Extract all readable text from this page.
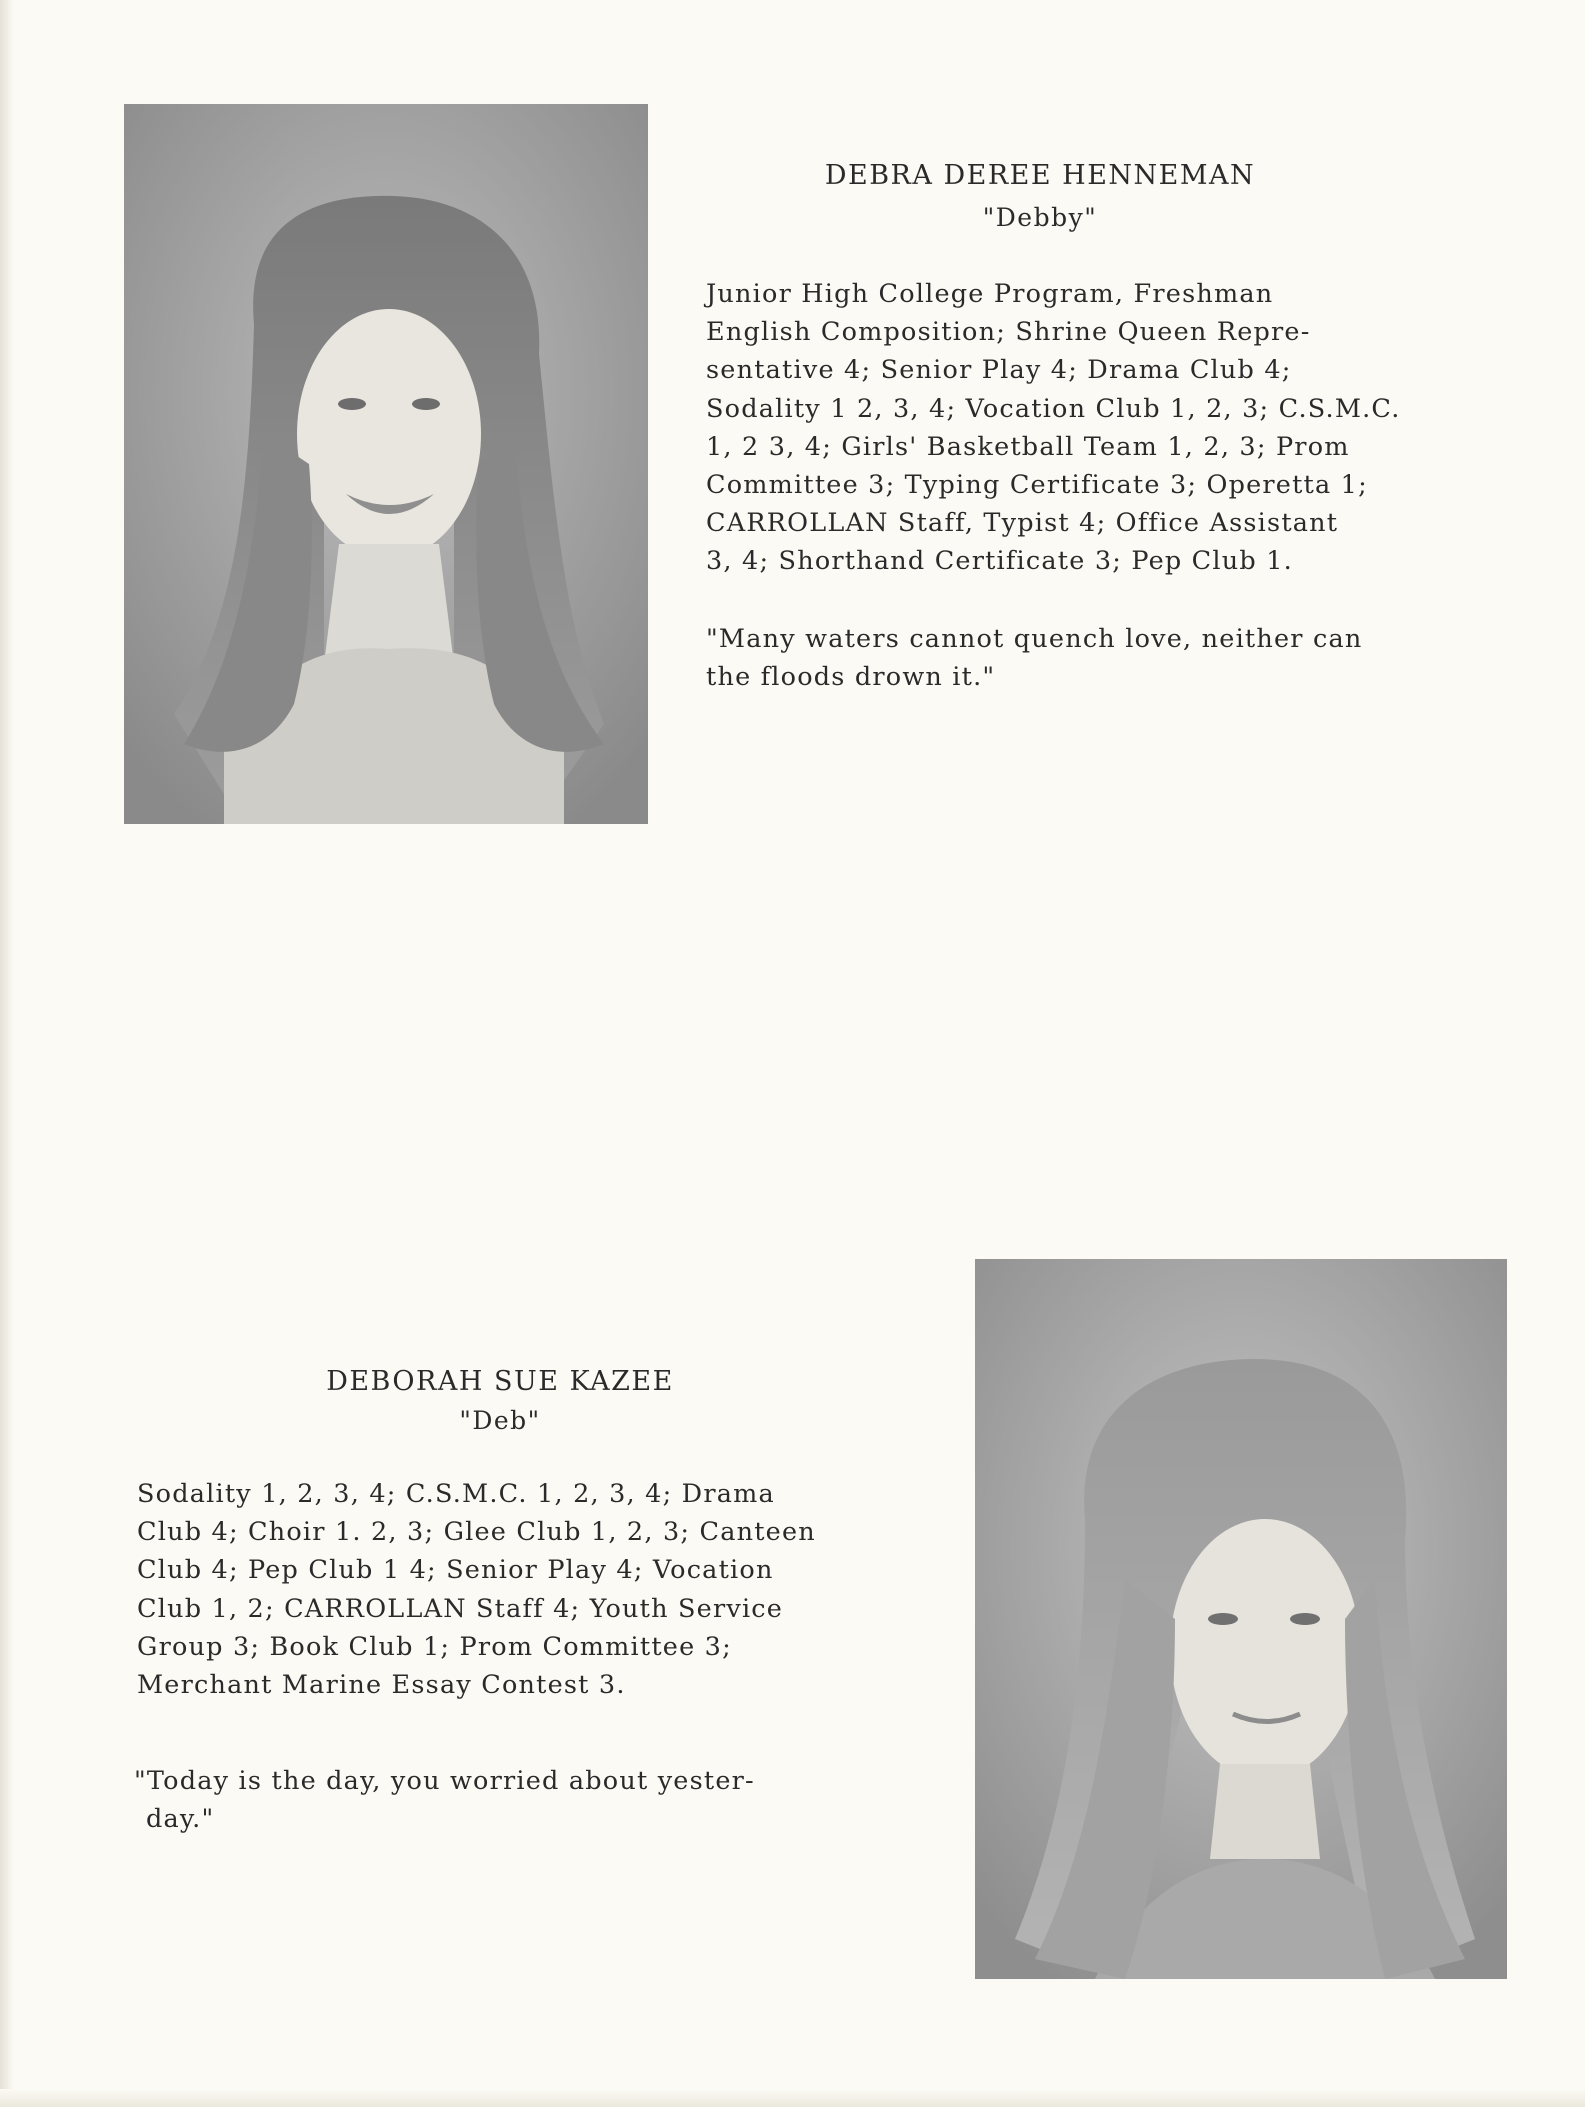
DEBRA DEREE HENNEMAN
"Debby"

Junior High College Program, Freshman
English Composition; Shrine Queen Repre-
sentative 4; Senior Play 4; Drama Club 4;
Sodality 1 2, 3, 4; Vocation Club 1, 2, 3; C.S.M.C.
1, 2 3, 4; Girls' Basketball Team 1, 2, 3; Prom
Committee 3; Typing Certificate 3; Operetta 1;
CARROLLAN Staff, Typist 4; Office Assistant
3, 4; Shorthand Certificate 3; Pep Club 1.

"Many waters cannot quench love, neither can
the floods drown it."

DEBORAH SUE KAZEE
"Deb"

Sodality 1, 2, 3, 4; C.S.M.C. 1, 2, 3, 4; Drama
Club 4; Choir 1. 2, 3; Glee Club 1, 2, 3; Canteen
Club 4; Pep Club 1 4; Senior Play 4; Vocation
Club 1, 2; CARROLLAN Staff 4; Youth Service
Group 3; Book Club 1; Prom Committee 3;
Merchant Marine Essay Contest 3.

"Today is the day, you worried about yester-
day."
